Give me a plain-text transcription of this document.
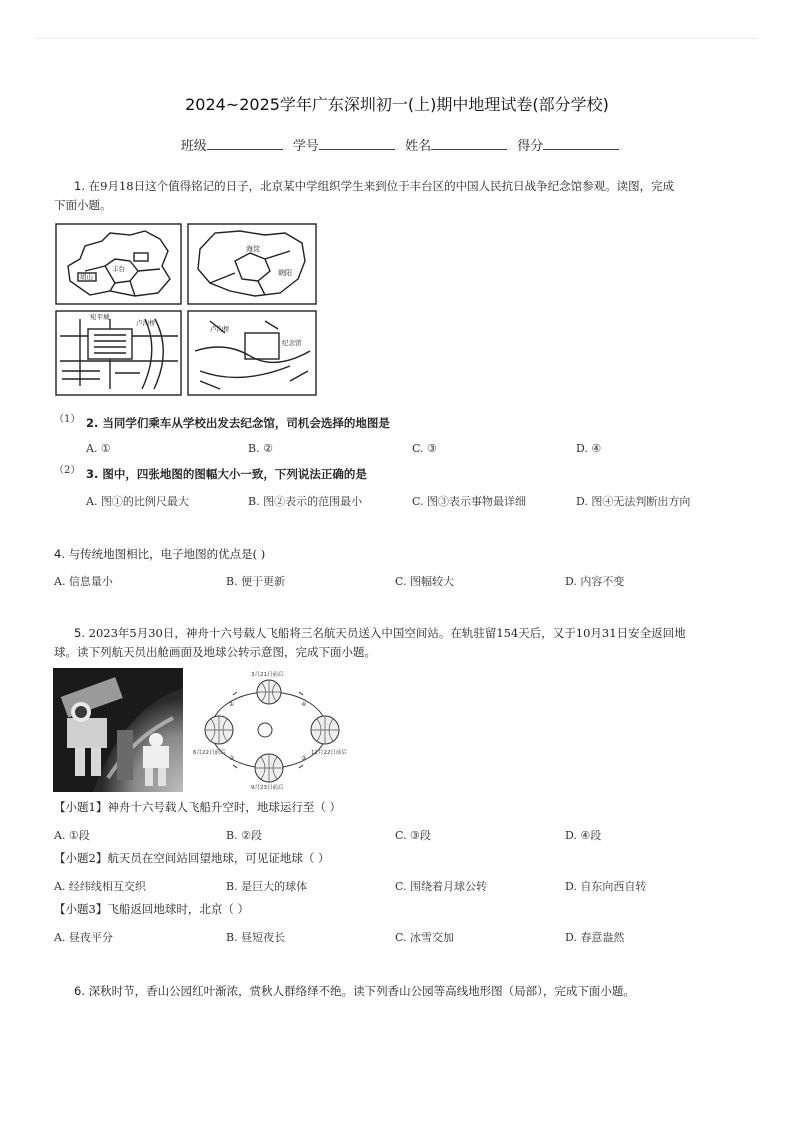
2024~2025学年广东深圳初一(上)期中地理试卷(部分学校)
班级	学号	姓名	得分
1. 在9月18日这个值得铭记的日子，北京某中学组织学生来到位于丰台区的中国人民抗日战争纪念馆参观。读图，完成
下面小题。
丰台
胡山
海淀
朝阳
宛平城
卢沟桥
卢沟桥
纪念馆
（1） 2. 当同学们乘车从学校出发去纪念馆，司机会选择的地图是
A. ①	B. ②	C. ③	D. ④
（2） 3. 图中，四张地图的图幅大小一致，下列说法正确的是
A. 图①的比例尺最大	B. 图②表示的范围最小	C. 图③表示事物最详细	D. 图④无法判断出方向
4. 与传统地图相比，电子地图的优点是( )
A. 信息量小	B. 便于更新	C. 图幅较大	D. 内容不变
5. 2023年5月30日，神舟十六号载人飞船将三名航天员送入中国空间站。在轨驻留154天后，又于10月31日安全返回地
球。读下列航天员出舱画面及地球公转示意图，完成下面小题。
3月21日前后
6月22日前后	12月22日前后
9月23日前后
①
②	③
④
【小题1】神舟十六号载人飞船升空时，地球运行至（ ）
A. ①段	B. ②段	C. ③段	D. ④段
【小题2】航天员在空间站回望地球，可见证地球（ ）
A. 经纬线相互交织	B. 是巨大的球体	C. 围绕着月球公转	D. 自东向西自转
【小题3】飞船返回地球时，北京（ ）
A. 昼夜平分	B. 昼短夜长	C. 冰雪交加	D. 春意盎然
6. 深秋时节，香山公园红叶渐浓，赏秋人群络绎不绝。读下列香山公园等高线地形图（局部），完成下面小题。
